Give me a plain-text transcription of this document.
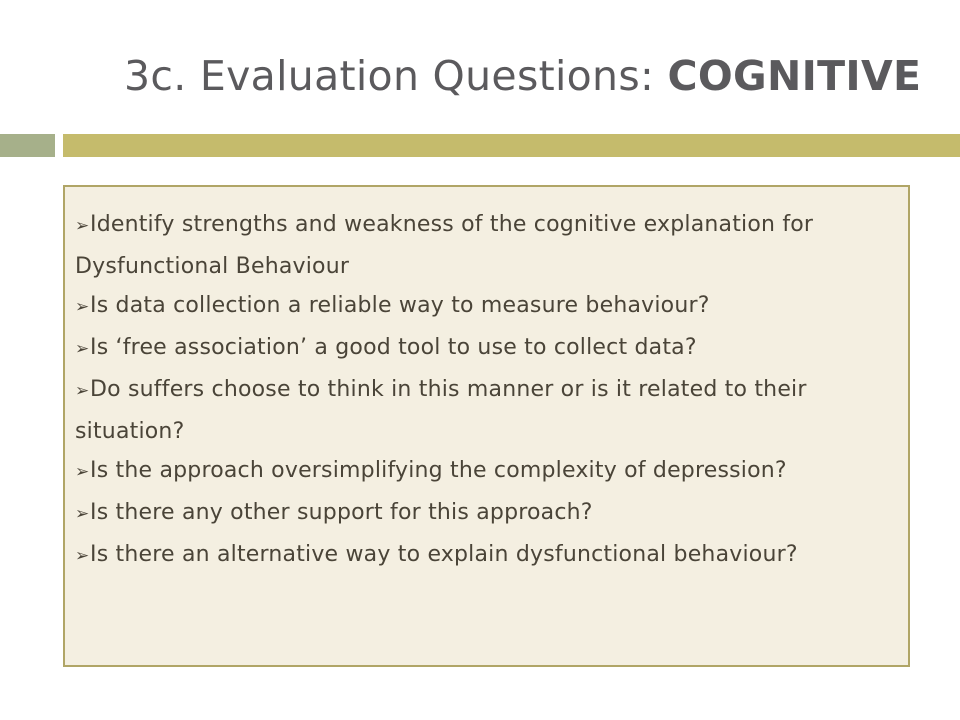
3c. Evaluation Questions: COGNITIVE
➢Identify strengths and weakness of the cognitive explanation for Dysfunctional Behaviour
➢Is data collection a reliable way to measure behaviour?
➢Is ‘free association’ a good tool to use to collect data?
➢Do suffers choose to think in this manner or is it related to their situation?
➢Is the approach oversimplifying the complexity of depression?
➢Is there any other support for this approach?
➢Is there an alternative way to explain dysfunctional behaviour?
